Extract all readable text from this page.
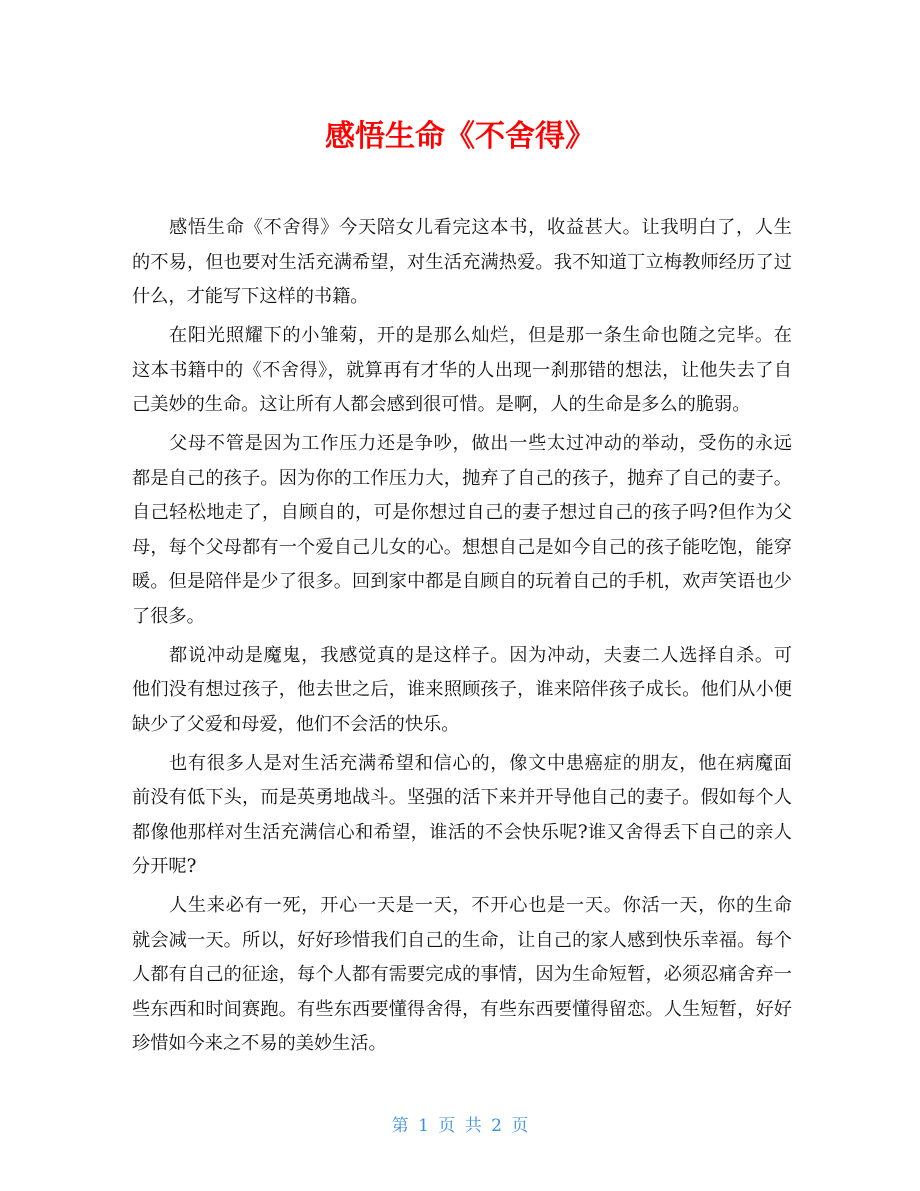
感悟生命《不舍得》
感悟生命《不舍得》今天陪女儿看完这本书，收益甚大。让我明白了，人生
的不易，但也要对生活充满希望，对生活充满热爱。我不知道丁立梅教师经历了过
什么，才能写下这样的书籍。
在阳光照耀下的小雏菊，开的是那么灿烂，但是那一条生命也随之完毕。在
这本书籍中的《不舍得》，就算再有才华的人出现一刹那错的想法，让他失去了自
己美妙的生命。这让所有人都会感到很可惜。是啊，人的生命是多么的脆弱。
父母不管是因为工作压力还是争吵，做出一些太过冲动的举动，受伤的永远
都是自己的孩子。因为你的工作压力大，抛弃了自己的孩子，抛弃了自己的妻子。
自己轻松地走了，自顾自的，可是你想过自己的妻子想过自己的孩子吗?但作为父
母，每个父母都有一个爱自己儿女的心。想想自己是如今自己的孩子能吃饱，能穿
暖。但是陪伴是少了很多。回到家中都是自顾自的玩着自己的手机，欢声笑语也少
了很多。
都说冲动是魔鬼，我感觉真的是这样子。因为冲动，夫妻二人选择自杀。可
他们没有想过孩子，他去世之后，谁来照顾孩子，谁来陪伴孩子成长。他们从小便
缺少了父爱和母爱，他们不会活的快乐。
也有很多人是对生活充满希望和信心的，像文中患癌症的朋友，他在病魔面
前没有低下头，而是英勇地战斗。坚强的活下来并开导他自己的妻子。假如每个人
都像他那样对生活充满信心和希望，谁活的不会快乐呢?谁又舍得丢下自己的亲人
分开呢?
人生来必有一死，开心一天是一天，不开心也是一天。你活一天，你的生命
就会减一天。所以，好好珍惜我们自己的生命，让自己的家人感到快乐幸福。每个
人都有自己的征途，每个人都有需要完成的事情，因为生命短暂，必须忍痛舍弃一
些东西和时间赛跑。有些东西要懂得舍得，有些东西要懂得留恋。人生短暂，好好
珍惜如今来之不易的美妙生活。
第 1 页 共 2 页
